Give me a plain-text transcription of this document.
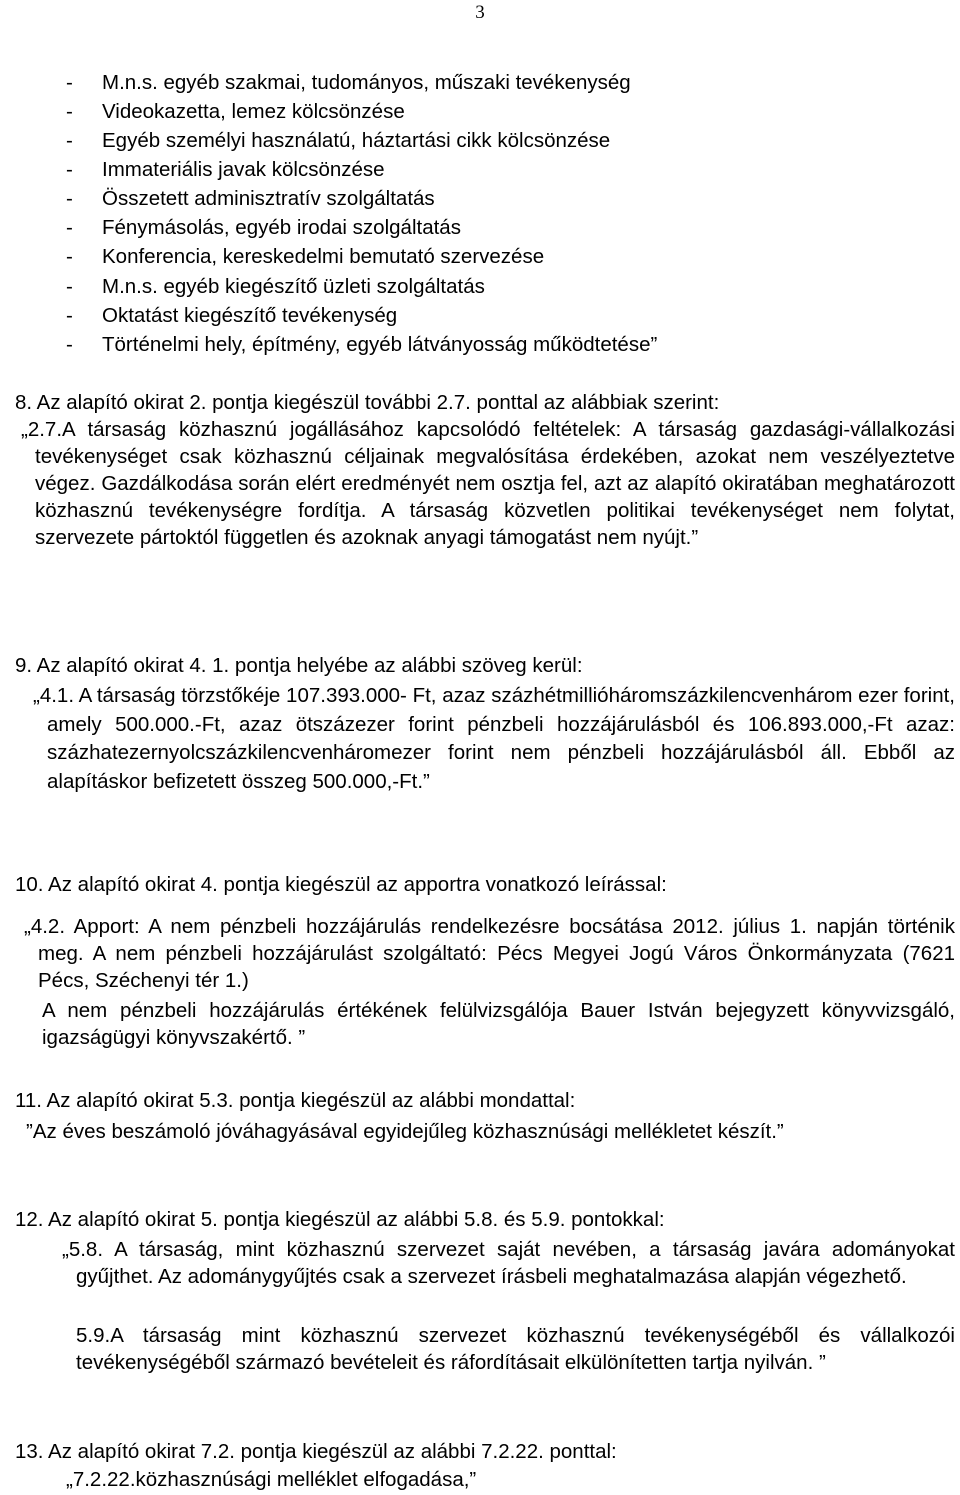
3
- M.n.s. egyéb szakmai, tudományos, műszaki tevékenység
- Videokazetta, lemez kölcsönzése
- Egyéb személyi használatú, háztartási cikk kölcsönzése
- Immateriális javak kölcsönzése
- Összetett adminisztratív szolgáltatás
- Fénymásolás, egyéb irodai szolgáltatás
- Konferencia, kereskedelmi bemutató szervezése
- M.n.s. egyéb kiegészítő üzleti szolgáltatás
- Oktatást kiegészítő tevékenység
- Történelmi hely, építmény, egyéb látványosság működtetése”
8. Az alapító okirat 2. pontja kiegészül további 2.7. ponttal az alábbiak szerint:
„2.7.A társaság közhasznú jogállásához kapcsolódó feltételek: A társaság gazdasági-vállalkozási tevékenységet csak közhasznú céljainak megvalósítása érdekében, azokat nem veszélyeztetve végez. Gazdálkodása során elért eredményét nem osztja fel, azt az alapító okiratában meghatározott közhasznú tevékenységre fordítja. A társaság közvetlen politikai tevékenységet nem folytat, szervezete pártoktól független és azoknak anyagi támogatást nem nyújt.”
9. Az alapító okirat 4. 1. pontja helyébe az alábbi szöveg kerül:
„4.1. A társaság törzstőkéje 107.393.000- Ft, azaz százhétmillióháromszázkilencvenhárom ezer forint, amely 500.000.-Ft, azaz ötszázezer forint pénzbeli hozzájárulásból és 106.893.000,-Ft azaz: százhatezernyolcszázkilencvenháromezer forint nem pénzbeli hozzájárulásból áll. Ebből az alapításkor befizetett összeg 500.000,-Ft.”
10. Az alapító okirat 4. pontja kiegészül az apportra vonatkozó leírással:
„4.2. Apport: A nem pénzbeli hozzájárulás rendelkezésre bocsátása 2012. július 1. napján történik meg. A nem pénzbeli hozzájárulást szolgáltató: Pécs Megyei Jogú Város Önkormányzata (7621 Pécs, Széchenyi tér 1.)
A nem pénzbeli hozzájárulás értékének felülvizsgálója Bauer István bejegyzett könyvvizsgáló, igazságügyi könyvszakértő. ”
11. Az alapító okirat 5.3. pontja kiegészül az alábbi mondattal:
”Az éves beszámoló jóváhagyásával egyidejűleg közhasznúsági mellékletet készít.”
12. Az alapító okirat 5. pontja kiegészül az alábbi 5.8. és 5.9. pontokkal:
„5.8. A társaság, mint közhasznú szervezet saját nevében, a társaság javára adományokat gyűjthet. Az adománygyűjtés csak a szervezet írásbeli meghatalmazása alapján végezhető.
5.9.A társaság mint közhasznú szervezet közhasznú tevékenységéből és vállalkozói tevékenységéből származó bevételeit és ráfordításait elkülönítetten tartja nyilván. ”
13. Az alapító okirat 7.2. pontja kiegészül az alábbi 7.2.22. ponttal:
„7.2.22.közhasznúsági melléklet elfogadása,”
